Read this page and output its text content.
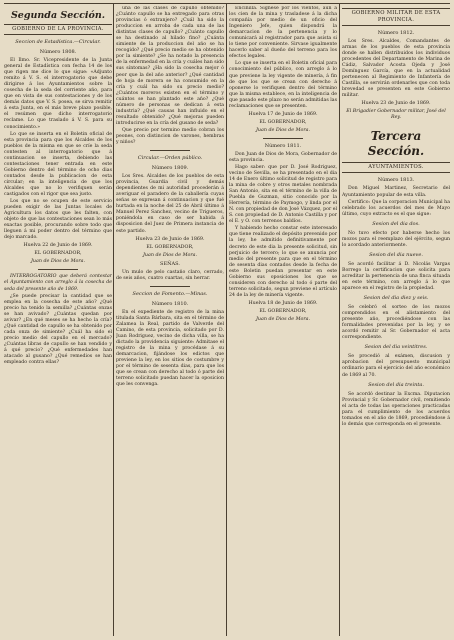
Segunda Sección.
GOBIERNO DE LA PROVINCIA.
Seccion de Estadística.—Circular.
Número 1808.

El Ilmo. Sr. Vicepresidente de la Junta general de Estadística con fecha 14 de los que rigen me dice lo que sigue: «Adjunto remito á V. S. el interrogatorio que debe dirigirse á los Ayuntamientos sobre la cosecha de la seda del corriente año, para que en vista de sus contestaciones y de los demás datos que V. S. posea, se sirva remitir á esta Junta, en el más breve plazo posible, el resúmen que dicho interrogatorio reclame. Lo que traslado á V. S. para su conocimiento.»

Lo que se inserta en el Boletin oficial de esta provincia para que los Alcaldes de los pueblos de la misma en que se críe la seda contesten al interrogatorio que á continuacion se inserta, debiendo las contestaciones tener entrada en este Gobierno dentro del término de ocho dias contados desde la publicacion de esta circular; en la inteligencia de que los Alcaldes que no lo verifiquen serán castigados con el rigor que sea justo.

Los que no se ocupen de este servicio pueden exigir de las Juntas locales de Agricultura los datos que les falten, con objeto de que las contestaciones sean lo más exactas posible, procurando sobre todo que lleguen á mi poder dentro del término que dejo marcado.

Huelva 22 de Junio de 1869.
EL GOBERNADOR,
Juan de Dios de Mora.

INTERROGATORIO que deberá contestar el Ayuntamiento con arreglo á la cosecha de seda del presente año de 1869.

¿Se puede precisar la cantidad que se emplea en la cosecha de este año? ¿Qué precio ha tenido la semilla? ¿Cuántas onzas se han avivado? ¿Cuántas quedan por avivar? ¿En qué meses se ha hecho la cría? ¿Qué cantidad de capullo se ha obtenido por cada onza de simiente? ¿Cuál ha sido el precio medio del capullo en el mercado? ¿Cuántas libras de capullo se han vendido y á qué precio? ¿Qué enfermedades han atacado al gusano? ¿Qué remedios se han empleado contra ellas?

una de las clases de capullo obtenido? ¿Cuánto capullo se ha entregado para otras provincias ó extranjero? ¿Cuál ha sido la produccion en arroba de cada una de las distintas clases de capullo? ¿Cuánto capullo se ha destinado al hilado fino? ¿Cuánta simiente de la produccion del año se ha recogido? ¿Qué precio medio se ha obtenido por la simiente? ¿Se ha notado la presencia de la enfermedad en la cría y cuáles han sido sus síntomas? ¿Ha sido la cosecha mejor ó peor que la del año anterior? ¿Qué cantidad de hoja de morera se ha consumido en la cría y cuál ha sido su precio medio? ¿Cuántos moreros existen en el término y cuántos se han plantado este año? ¿Qué número de personas se dedican á esta industria? ¿Qué causas han influido en el resultado obtenido? ¿Qué mejoras pueden introducirse en la cría del gusano de seda?

Que precio por termino medio cobran los peones, con distincion de varones, hembras y niños?

Circular.—Orden público.
Número 1809.

Los Sres. Alcaldes de los pueblos de esta provincia, Guardia civil y demás dependientes de mi autoridad procederán á averiguar el paradero de la caballería cuyas señas se expresan á continuacion y que fué hurtada en la noche del 25 de Abril último á Manuel Perez Sanchez, vecino de Trigueros, poniéndola en caso de ser habida á disposicion del Juez de Primera instancia de este partido.

Huelva 23 de Junio de 1869.
EL GOBERNADOR,
Juan de Dios de Mora.
SEÑAS.

Un mulo de pelo castaño claro, cerrado, de seis años, cuatro cuartas, sin herrar.

Seccion de Fomento.—Minas.
Número 1810.

En el expediente de registro de la mina titulada Santa Bárbara, sita en el término de Zalamea la Real, partido de Valverde del Camino, de esta provincia, solicitado por D. Juan Rodriguez, vecino de dicha villa, se ha dictado la providencia siguiente: Admitase el registro de la mina y procédase á su demarcacion, fijándose los edictos que previene la ley, en los sitios de costumbre y por el término de sesenta dias, para que los que se crean con derecho al todo ó parte del terreno solicitado puedan hacer la oposicion que les convenga.

Encinilla. Sígnese por los vientos, aun á los cien de la mina y trasladese á la dicha compañía por medio de un oficio del Ingeniero Jefe, quien dispondrá la demarcacion de la pertenencia y lo comunicará al registrador para que asista si lo tiene por conveniente. Sirvase igualmente hacerlo saber al dueño del terreno para los efectos legales.

Lo que se inserta en el Boletin oficial para conocimiento del público, con arreglo á lo que previene la ley vigente de minería, á fin de que los que se crean con derecho á oponerse lo verifiquen dentro del término que la misma establece, en la inteligencia de que pasado este plazo no serán admitidas las reclamaciones que se presenten.

Huelva 17 de Junio de 1869.
EL GOBERNADOR,
Juan de Dios de Mora.
Número 1811.

Don Juan de Dios de Mora, Gobernador de esta provincia.

Hago saber: que por D. José Rodriguez, vecino de Sevilla, se ha presentado en el dia 14 de Enero último solicitud de registro para la mina de cobre y otros metales nombrada San Antonio, sita en el término de la villa de Puebla de Guzman, sitio conocido por la Herrería, término de Paymogo, y linda por el N. con propiedad de don José Vázquez, por el S. con propiedad de D. Antonio Castilla y por el E. y O. con terrenos baldíos.

Y habiendo hecho constar este interesado que tiene realizado el depósito prevenido por la ley, he admitido definitivamente por decreto de este dia la presente solicitud, sin perjuicio de tercero; lo que se anuncia por medio del presente para que en el término de sesenta dias contados desde la fecha de este Boletin puedan presentar en este Gobierno sus oposiciones los que se consideren con derecho al todo ó parte del terreno solicitado, segun previene el artículo 24 de la ley de minería vigente.

Huelva 18 de Junio de 1869.
EL GOBERNADOR,
Juan de Dios de Mora.
GOBIERNO MILITAR DE ESTA PROVINCIA.
Número 1812.

Los Sres. Alcaldes, Comandantes de armas de los pueblos de esta provincia donde se hallen distribuidos los individuos procedentes del Departamento de Marina de Cádiz, Salvador Acosta Ojeda y José Domínguez García, que en la actualidad pertenecen al Regimiento de Infantería de Castilla, se servirán ordenarles que con toda brevedad se presenten en este Gobierno militar.

Huelva 23 de Junio de 1869.
El Brigadier Gobernador militar, José del Rey.
Tercera Sección.
AYUNTAMIENTOS.
Número 1813.

Don Miguel Martinez, Secretario del Ayuntamiento popular de esta villa.

Certifico: Que la corporacion Municipal ha celebrado los acuerdos del mes de Mayo último, cuyo extracto es el que sigue:

Sesion del dia dos.

No tuvo efecto por haberse hecho los mozos para el reemplazo del ejército, segun lo acordado anteriormente.

Sesion del dia nueve.

Se acordó facilitar á D. Nicolás Vargas Borrego la certificacion que solicita para acreditar la pertenencia de una finca situada en este término, con arreglo á lo que aparece en el registro de la propiedad.

Sesion del dia diez y seis.

Se celebró el sorteo de los mozos comprendidos en el alistamiento del presente año, procediéndose con las formalidades prevenidas por la ley, y se acordó remitir al Sr. Gobernador el acta correspondiente.

Sesion del dia veintitres.

Se procedió al exámen, discusion y aprobacion del presupuesto municipal ordinario para el ejercicio del año económico de 1869 al 70.

Sesion del dia treinta.

Se acordó destinar la Excma. Diputacion Provincial y Sr. Gobernador civil, remitiendo el acta de todas las operaciones practicadas para el cumplimiento de los acuerdos tomados en el año de 1869, procediéndose á lo demás que corresponda en el presente.
